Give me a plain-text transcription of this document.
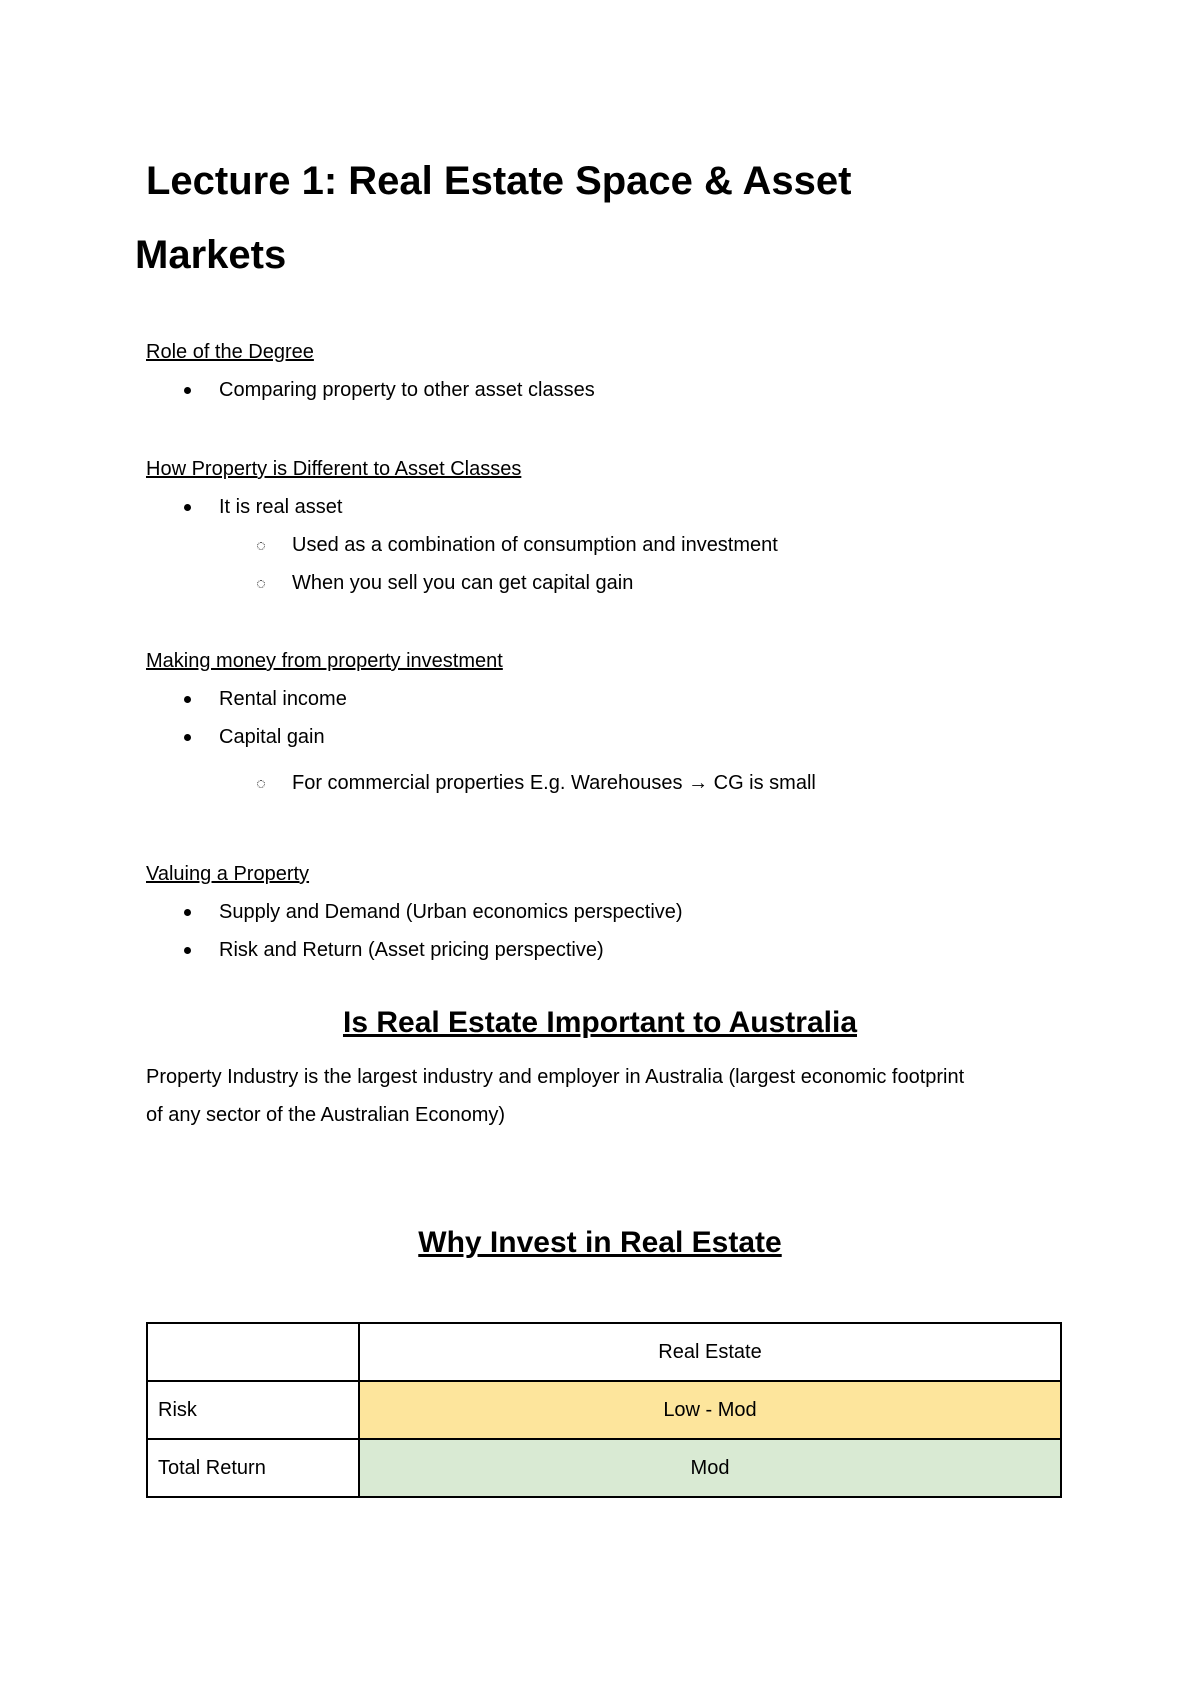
Lecture 1: Real Estate Space & Asset
Markets

Role of the Degree

Comparing property to other asset classes

How Property is Different to Asset Classes

It is real asset
Used as a combination of consumption and investment
When you sell you can get capital gain

Making money from property investment

Rental income
Capital gain
For commercial properties E.g. Warehouses → CG is small

Valuing a Property

Supply and Demand (Urban economics perspective)
Risk and Return (Asset pricing perspective)
Is Real Estate Important to Australia
Property Industry is the largest industry and employer in Australia (largest economic footprint
of any sector of the Australian Economy)
Why Invest in Real Estate
	Real Estate
Risk	Low - Mod
Total Return	Mod
